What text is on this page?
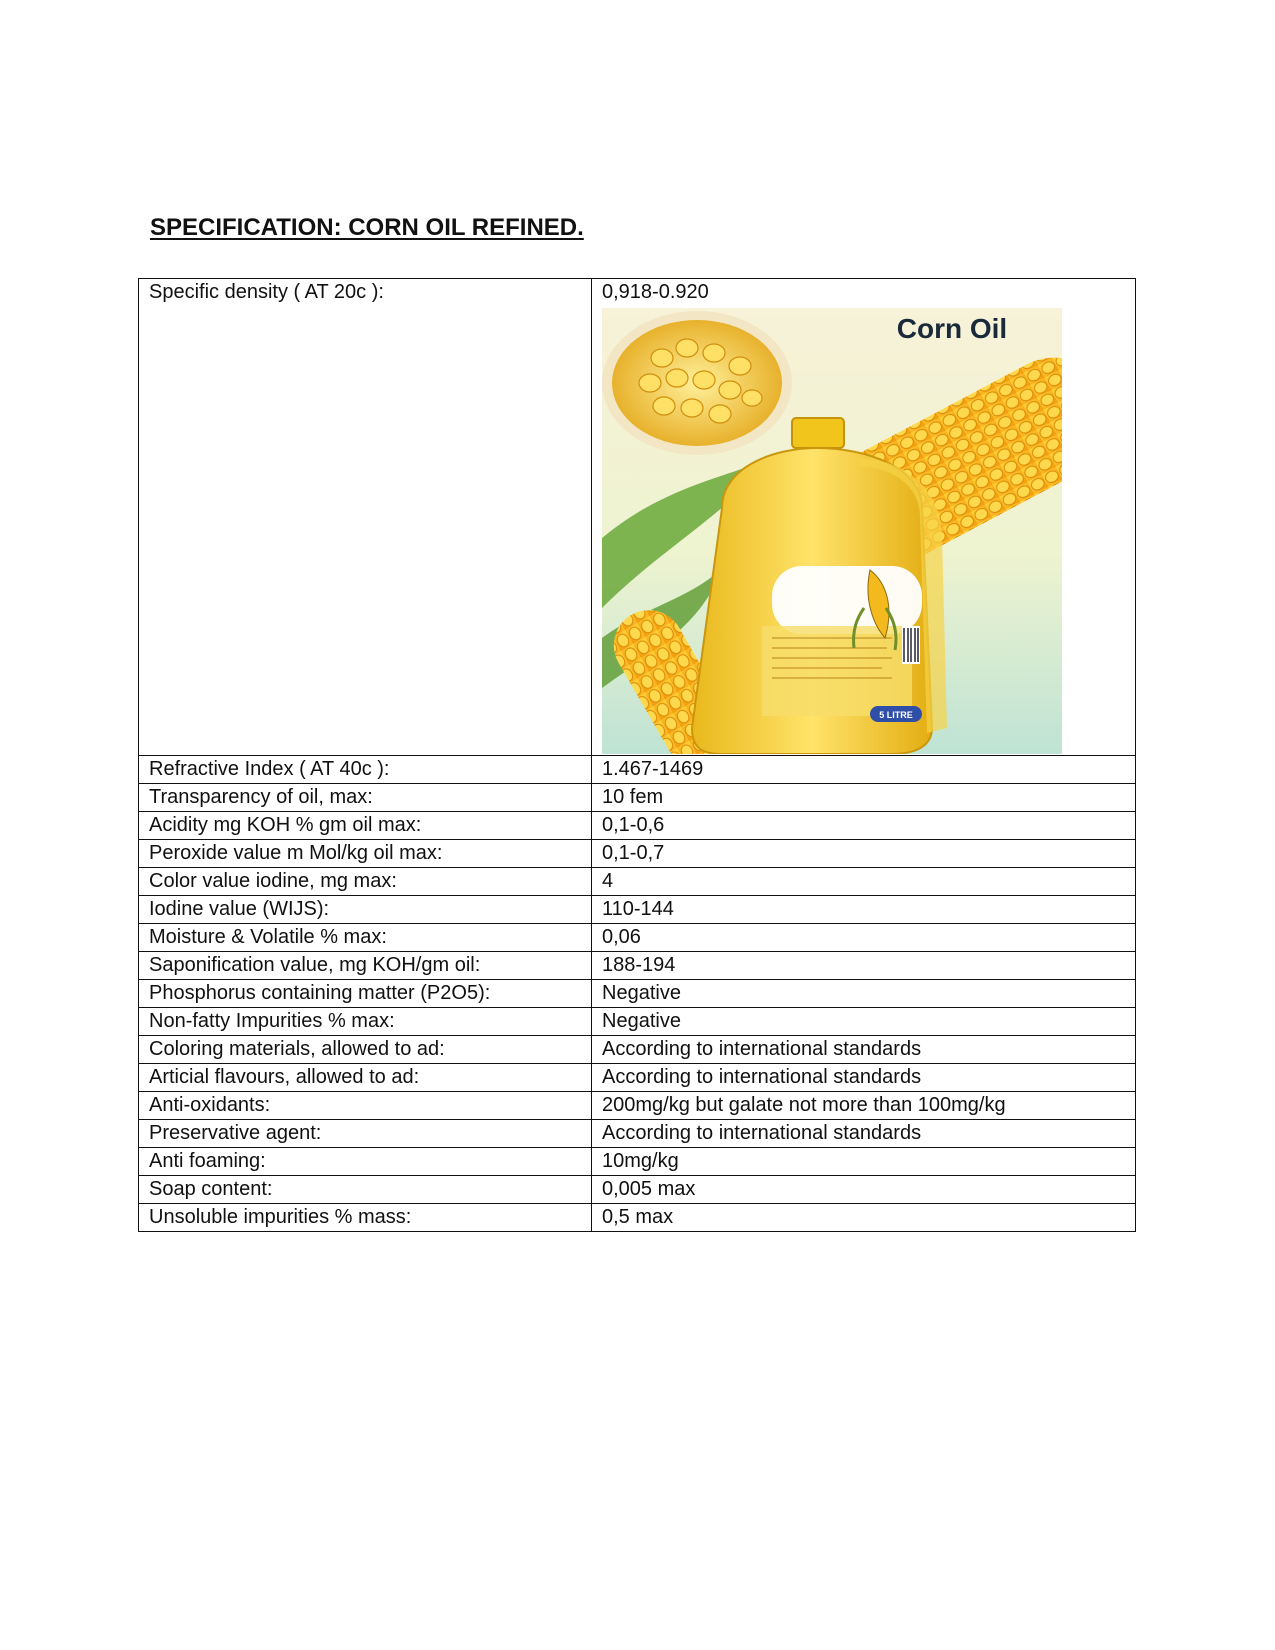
SPECIFICATION: CORN OIL REFINED.
Specific density ( AT 20c ):	0,918-0.920
5 LITRE
Corn Oil

Refractive Index ( AT 40c ):	1.467-1469
Transparency of oil, max:	10 fem
Acidity mg KOH % gm oil max:	0,1-0,6
Peroxide value m Mol/kg oil max:	0,1-0,7
Color value iodine, mg max:	4
Iodine value (WIJS):	110-144
Moisture & Volatile % max:	0,06
Saponification value, mg KOH/gm oil:	188-194
Phosphorus containing matter (P2O5):	Negative
Non-fatty Impurities % max:	Negative
Coloring materials, allowed to ad:	According to international standards
Articial flavours, allowed to ad:	According to international standards
Anti-oxidants:	200mg/kg but galate not more than 100mg/kg
Preservative agent:	According to international standards
Anti foaming:	10mg/kg
Soap content:	0,005 max
Unsoluble impurities % mass:	0,5 max
